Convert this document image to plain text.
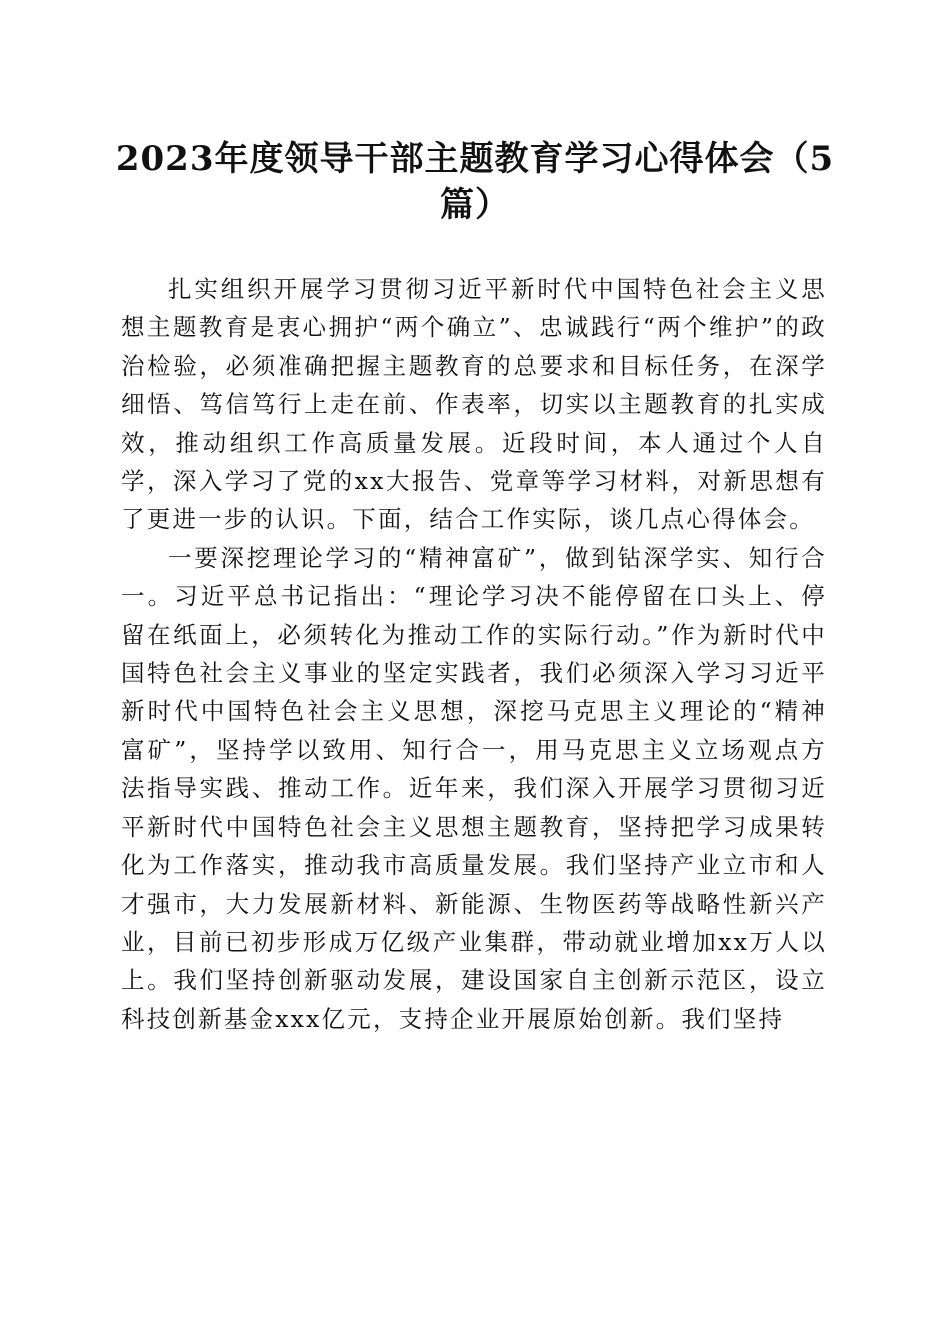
2023年度领导干部主题教育学习心得体会（5篇）

扎实组织开展学习贯彻习近平新时代中国特色社会主义思想主题教育是衷心拥护“两个确立”、忠诚践行“两个维护”的政治检验，必须准确把握主题教育的总要求和目标任务，在深学细悟、笃信笃行上走在前、作表率，切实以主题教育的扎实成效，推动组织工作高质量发展。近段时间，本人通过个人自学，深入学习了党的xx大报告、党章等学习材料，对新思想有了更进一步的认识。下面，结合工作实际，谈几点心得体会。

一要深挖理论学习的“精神富矿”，做到钻深学实、知行合一。习近平总书记指出：“理论学习决不能停留在口头上、停留在纸面上，必须转化为推动工作的实际行动。”作为新时代中国特色社会主义事业的坚定实践者，我们必须深入学习习近平新时代中国特色社会主义思想，深挖马克思主义理论的“精神富矿”，坚持学以致用、知行合一，用马克思主义立场观点方法指导实践、推动工作。近年来，我们深入开展学习贯彻习近平新时代中国特色社会主义思想主题教育，坚持把学习成果转化为工作落实，推动我市高质量发展。我们坚持产业立市和人才强市，大力发展新材料、新能源、生物医药等战略性新兴产业，目前已初步形成万亿级产业集群，带动就业增加xx万人以上。我们坚持创新驱动发展，建设国家自主创新示范区，设立科技创新基金xxx亿元，支持企业开展原始创新。我们坚持
